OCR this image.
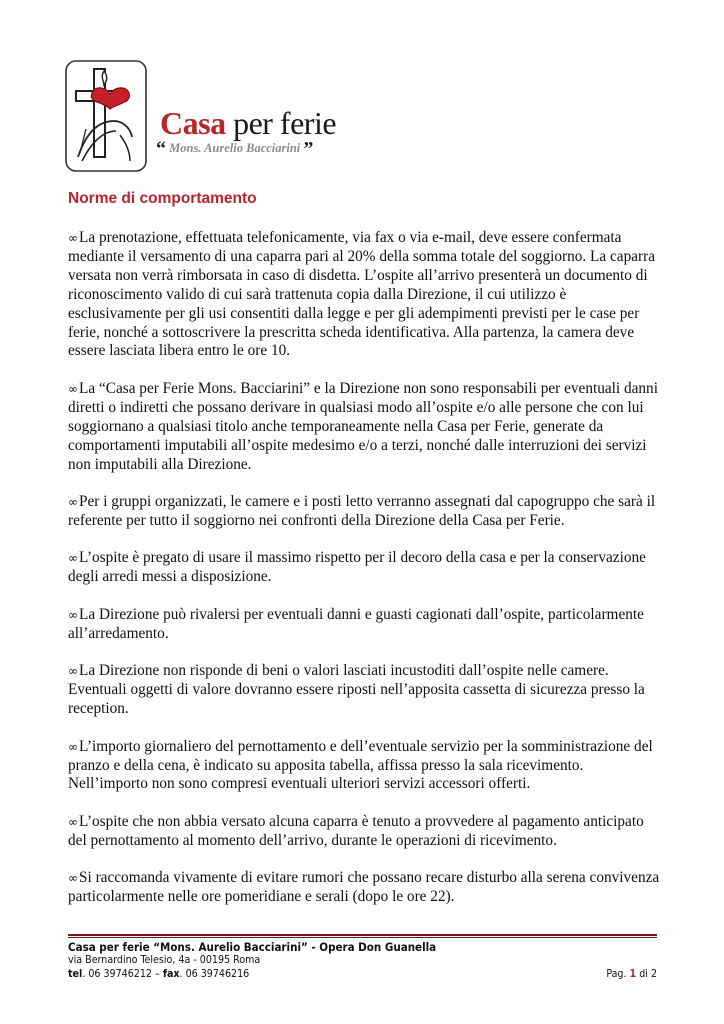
Casa per ferie
“ Mons. Aurelio Bacciarini ”
Norme di comportamento

∞La prenotazione, effettuata telefonicamente, via fax o via e-mail, deve essere confermata mediante il versamento di una caparra pari al 20% della somma totale del soggiorno. La caparra versata non verrà rimborsata in caso di disdetta. L’ospite all’arrivo presenterà un documento di riconoscimento valido di cui sarà trattenuta copia dalla Direzione, il cui utilizzo è esclusivamente per gli usi consentiti dalla legge e per gli adempimenti previsti per le case per ferie, nonché a sottoscrivere la prescritta scheda identificativa. Alla partenza, la camera deve essere lasciata libera entro le ore 10.

∞La “Casa per Ferie Mons. Bacciarini” e la Direzione non sono responsabili per eventuali danni diretti o indiretti che possano derivare in qualsiasi modo all’ospite e/o alle persone che con lui soggiornano a qualsiasi titolo anche temporaneamente nella Casa per Ferie, generate da comportamenti imputabili all’ospite medesimo e/o a terzi, nonché dalle interruzioni dei servizi non imputabili alla Direzione.

∞Per i gruppi organizzati, le camere e i posti letto verranno assegnati dal capogruppo che sarà il referente per tutto il soggiorno nei confronti della Direzione della Casa per Ferie.

∞L’ospite è pregato di usare il massimo rispetto per il decoro della casa e per la conservazione degli arredi messi a disposizione.

∞La Direzione può rivalersi per eventuali danni e guasti cagionati dall’ospite, particolarmente all’arredamento.

∞La Direzione non risponde di beni o valori lasciati incustoditi dall’ospite nelle camere. Eventuali oggetti di valore dovranno essere riposti nell’apposita cassetta di sicurezza presso la reception.

∞L’importo giornaliero del pernottamento e dell’eventuale servizio per la somministrazione del pranzo e della cena, è indicato su apposita tabella, affissa presso la sala ricevimento. Nell’importo non sono compresi eventuali ulteriori servizi accessori offerti.

∞L’ospite che non abbia versato alcuna caparra è tenuto a provvedere al pagamento anticipato del pernottamento al momento dell’arrivo, durante le operazioni di ricevimento.

∞Si raccomanda vivamente di evitare rumori che possano recare disturbo alla serena convivenza particolarmente nelle ore pomeridiane e serali (dopo le ore 22).

Casa per ferie “Mons. Aurelio Bacciarini” - Opera Don Guanella
via Bernardino Telesio, 4a - 00195 Roma
tel. 06 39746212 – fax. 06 39746216	Pag. 1 di 2
